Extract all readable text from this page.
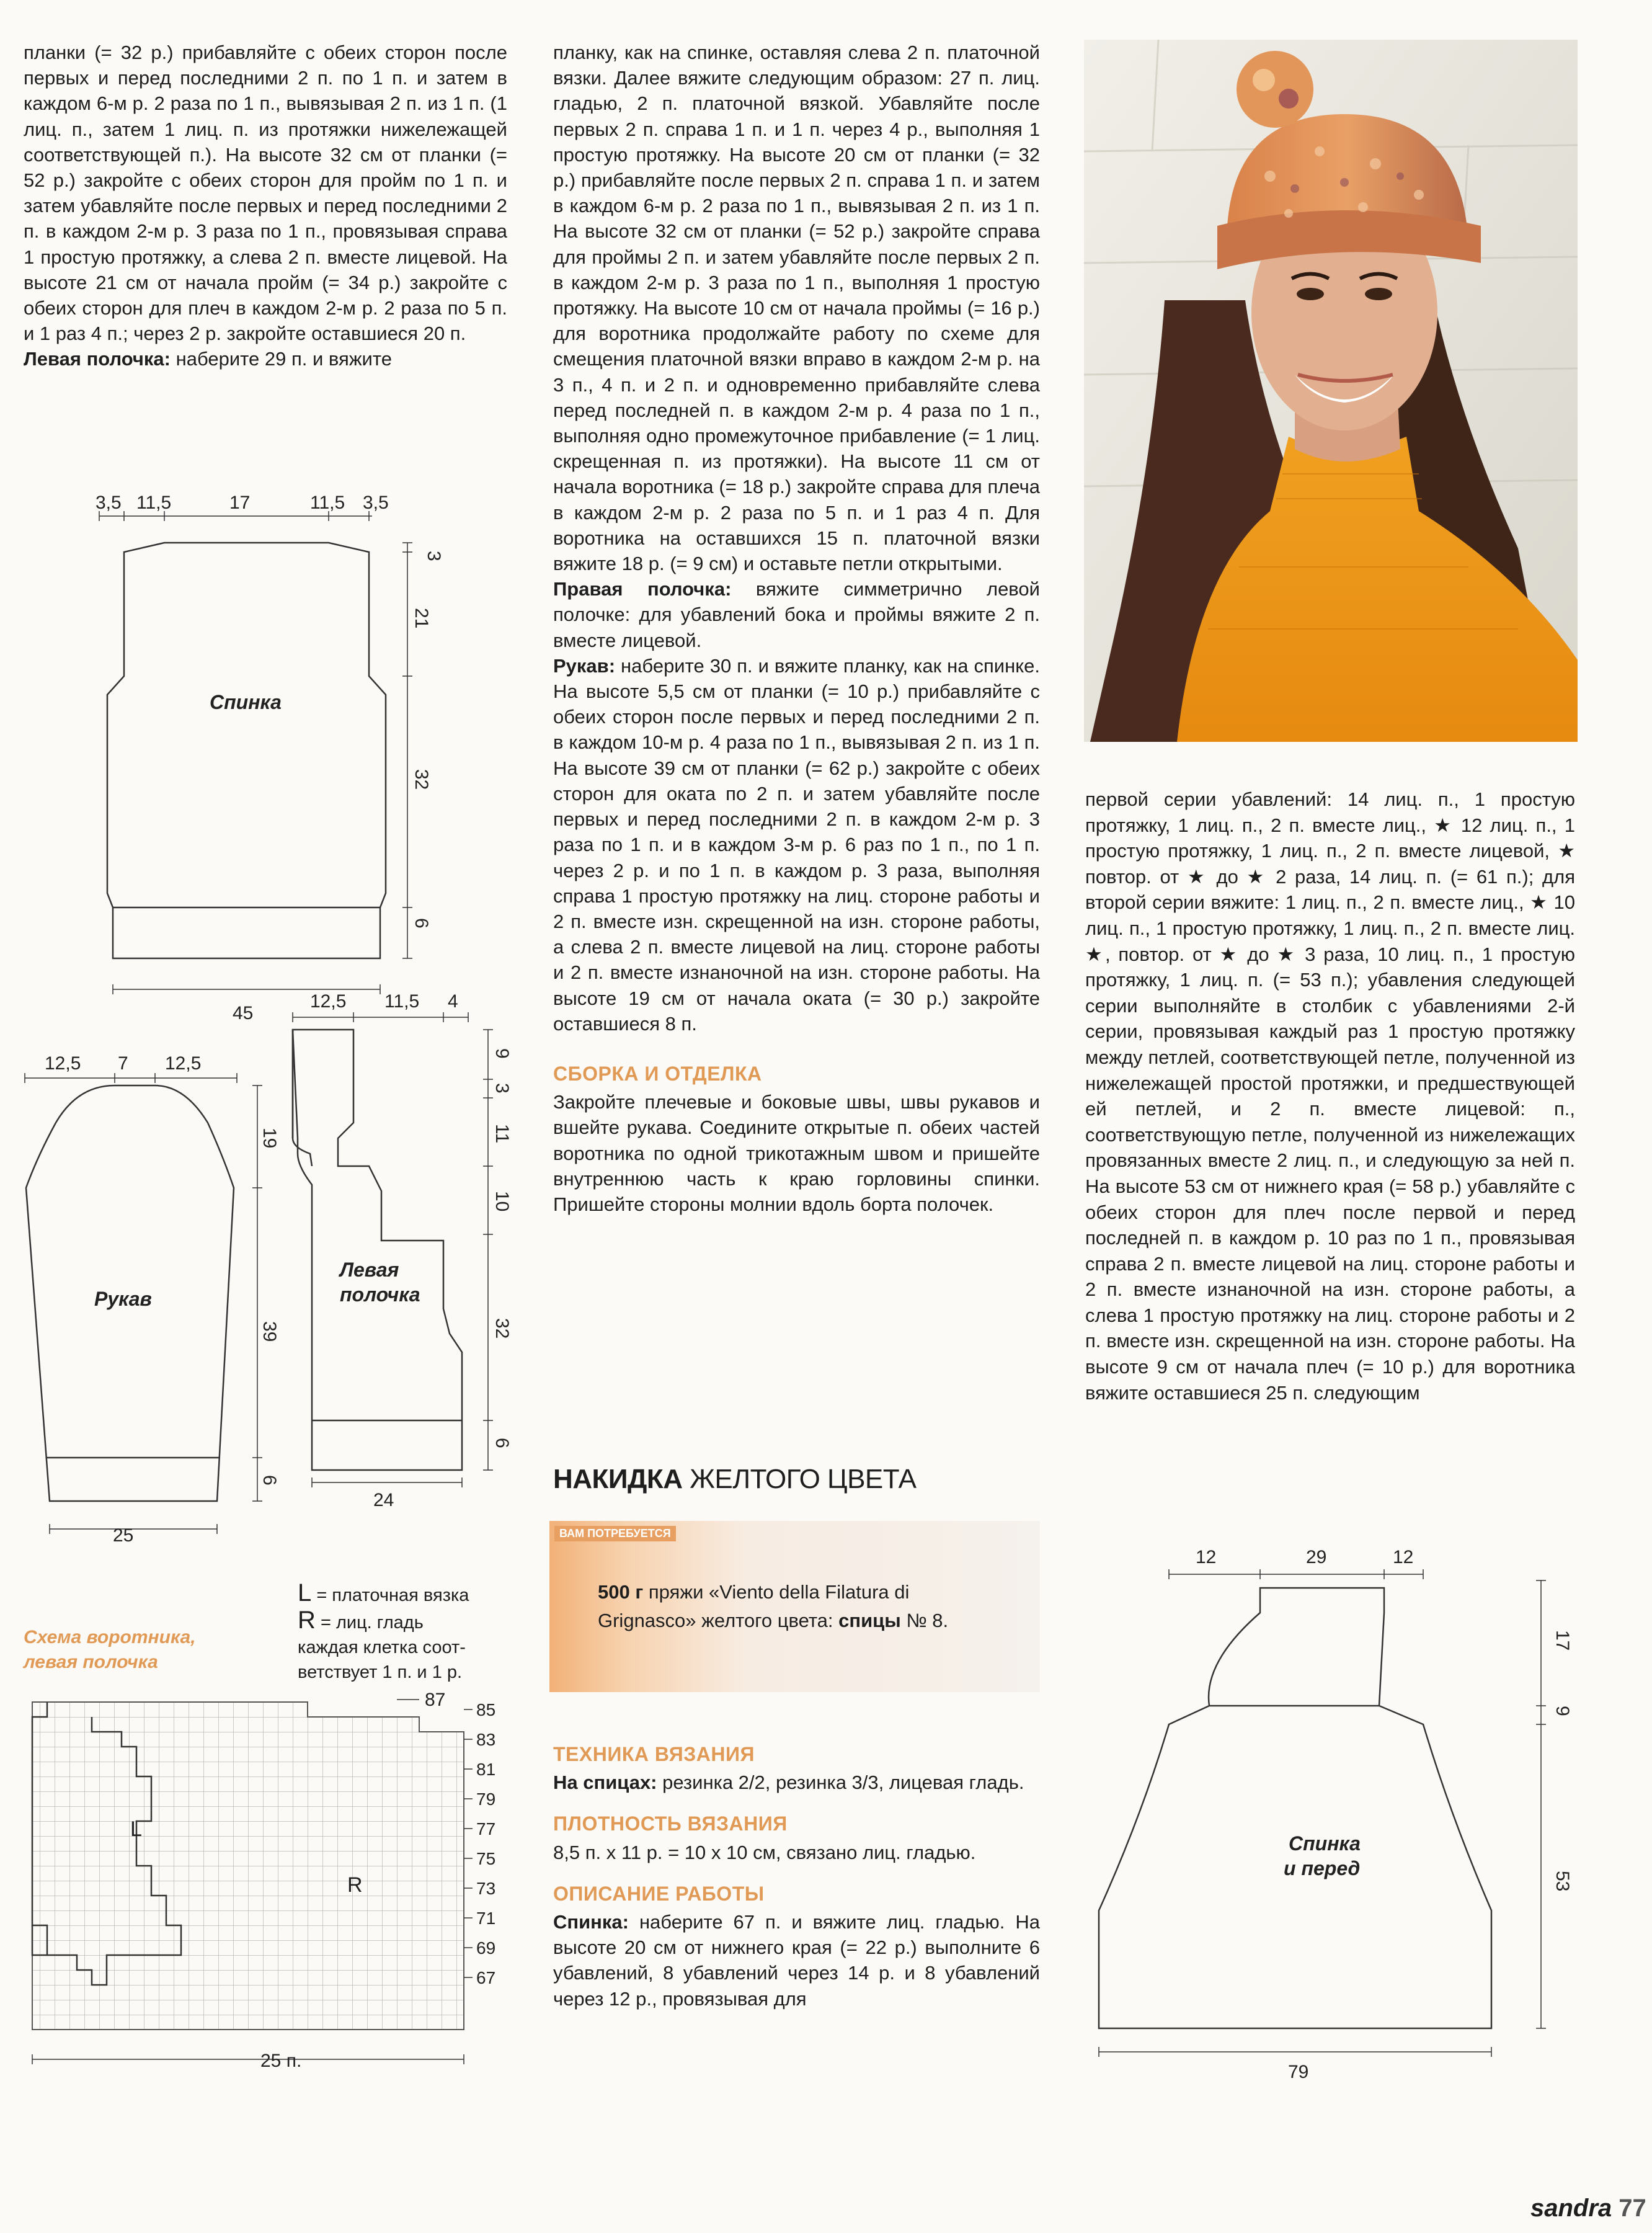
планки (= 32 р.) прибавляйте с обеих сторон после первых и перед последними 2 п. по 1 п. и затем в каждом 6-м р. 2 раза по 1 п., вывязывая 2 п. из 1 п. (1 лиц. п., затем 1 лиц. п. из протяжки нижележащей соответствующей п.). На высоте 32 см от планки (= 52 р.) закройте с обеих сторон для пройм по 1 п. и затем убавляйте после первых и перед последними 2 п. в каждом 2-м р. 3 раза по 1 п., провязывая справа 1 простую протяжку, а слева 2 п. вместе лицевой. На высоте 21 см от начала пройм (= 34 р.) закройте с обеих сторон для плеч в каждом 2-м р. 2 раза по 5 п. и 1 раз 4 п.; через 2 р. закройте оставшиеся 20 п.

Левая полочка: наберите 29 п. и вяжите

планку, как на спинке, оставляя слева 2 п. платочной вязки. Далее вяжите следующим образом: 27 п. лиц. гладью, 2 п. платочной вязкой. Убавляйте после первых 2 п. справа 1 п. и 1 п. через 4 р., выполняя 1 простую протяжку. На высоте 20 см от планки (= 32 р.) прибавляйте после первых 2 п. справа 1 п. и затем в каждом 6-м р. 2 раза по 1 п., вывязывая 2 п. из 1 п. На высоте 32 см от планки (= 52 р.) закройте справа для проймы 2 п. и затем убавляйте после первых 2 п. в каждом 2-м р. 3 раза по 1 п., выполняя 1 простую протяжку. На высоте 10 см от начала проймы (= 16 р.) для воротника продолжайте работу по схеме для смещения платочной вязки вправо в каждом 2-м р. на 3 п., 4 п. и 2 п. и одновременно прибавляйте слева перед последней п. в каждом 2-м р. 4 раза по 1 п., выполняя одно промежуточное прибавление (= 1 лиц. скрещенная п. из протяжки). На высоте 11 см от начала воротника (= 18 р.) закройте справа для плеча в каждом 2-м р. 2 раза по 5 п. и 1 раз 4 п. Для воротника на оставшихся 15 п. платочной вязки вяжите 18 р. (= 9 см) и оставьте петли открытыми.

Правая полочка: вяжите симметрично левой полочке: для убавлений бока и проймы вяжите 2 п. вместе лицевой.

Рукав: наберите 30 п. и вяжите планку, как на спинке. На высоте 5,5 см от планки (= 10 р.) прибавляйте с обеих сторон после первых и перед последними 2 п. в каждом 10-м р. 4 раза по 1 п., вывязывая 2 п. из 1 п. На высоте 39 см от планки (= 62 р.) закройте с обеих сторон для оката по 2 п. и затем убавляйте после первых и перед последними 2 п. в каждом 2-м р. 3 раза по 1 п. и в каждом 3-м р. 6 раз по 1 п., по 1 п. через 2 р. и по 1 п. в каждом р. 3 раза, выполняя справа 1 простую протяжку на лиц. стороне работы и 2 п. вместе изн. скрещенной на изн. стороне работы, а слева 2 п. вместе лицевой на лиц. стороне работы и 2 п. вместе изнаночной на изн. стороне работы. На высоте 19 см от начала оката (= 30 р.) закройте оставшиеся 8 п.

СБОРКА И ОТДЕЛКА

Закройте плечевые и боковые швы, швы рукавов и вшейте рукава. Соедините открытые п. обеих частей воротника по одной трикотажным швом и пришейте внутреннюю часть к краю горловины спинки. Пришейте стороны молнии вдоль борта полочек.

НАКИДКА ЖЕЛТОГО ЦВЕТА
ВАМ ПОТРЕБУЕТСЯ
500 г пряжи «Viento della Filatura di Grignasco» желтого цвета: спицы № 8.
ТЕХНИКА ВЯЗАНИЯ

На спицах: резинка 2/2, резинка 3/3, лицевая гладь.

ПЛОТНОСТЬ ВЯЗАНИЯ

8,5 п. х 11 р. = 10 х 10 см, связано лиц. гладью.

ОПИСАНИЕ РАБОТЫ

Спинка: наберите 67 п. и вяжите лиц. гладью. На высоте 20 см от нижнего края (= 22 р.) выполните 6 убавлений, 8 убавлений через 14 р. и 8 убавлений через 12 р., провязывая для

первой серии убавлений: 14 лиц. п., 1 простую протяжку, 1 лиц. п., 2 п. вместе лиц., ★ 12 лиц. п., 1 простую протяжку, 1 лиц. п., 2 п. вместе лицевой, ★ повтор. от ★ до ★ 2 раза, 14 лиц. п. (= 61 п.); для второй серии вяжите: 1 лиц. п., 2 п. вместе лиц., ★ 10 лиц. п., 1 простую протяжку, 1 лиц. п., 2 п. вместе лиц. ★, повтор. от ★ до ★ 3 раза, 10 лиц. п., 1 простую протяжку, 1 лиц. п. (= 53 п.); убавления следующей серии выполняйте в столбик с убавлениями 2-й серии, провязывая каждый раз 1 простую протяжку между петлей, соответствующей петле, полученной из нижележащей простой протяжки, и предшествующей ей петлей, и 2 п. вместе лицевой: п., соответствующую петле, полученной из нижележащих провязанных вместе 2 лиц. п., и следующую за ней п. На высоте 53 см от нижнего края (= 58 р.) убавляйте с обеих сторон для плеч после первой и перед последней п. в каждом р. 10 раз по 1 п., провязывая справа 2 п. вместе лицевой на лиц. стороне работы и 2 п. вместе изнаночной на изн. стороне работы, а слева 1 простую протяжку на лиц. стороне работы и 2 п. вместе изн. скрещенной на изн. стороне работы. На высоте 9 см от начала плеч (= 10 р.) для воротника вяжите оставшиеся 25 п. следующим

3,5 11,5	17	11,5 3,5
3
21
32
6
45
Спинка
12,5 7 12,5
19
39
6
25
Рукав
12,5 11,5 4
9
3
11
10
32
6
24
Левая
полочка
L = платочная вязка
R = лиц. гладь
каждая клетка соот-
ветствует 1 п. и 1 р.
Схема воротника,
левая полочка
87
25 п.
L
R
85
83
81
79
77
75
73
71
69
67
12	29	12
17
9
53
79
Спинка
и перед
sandra 77
